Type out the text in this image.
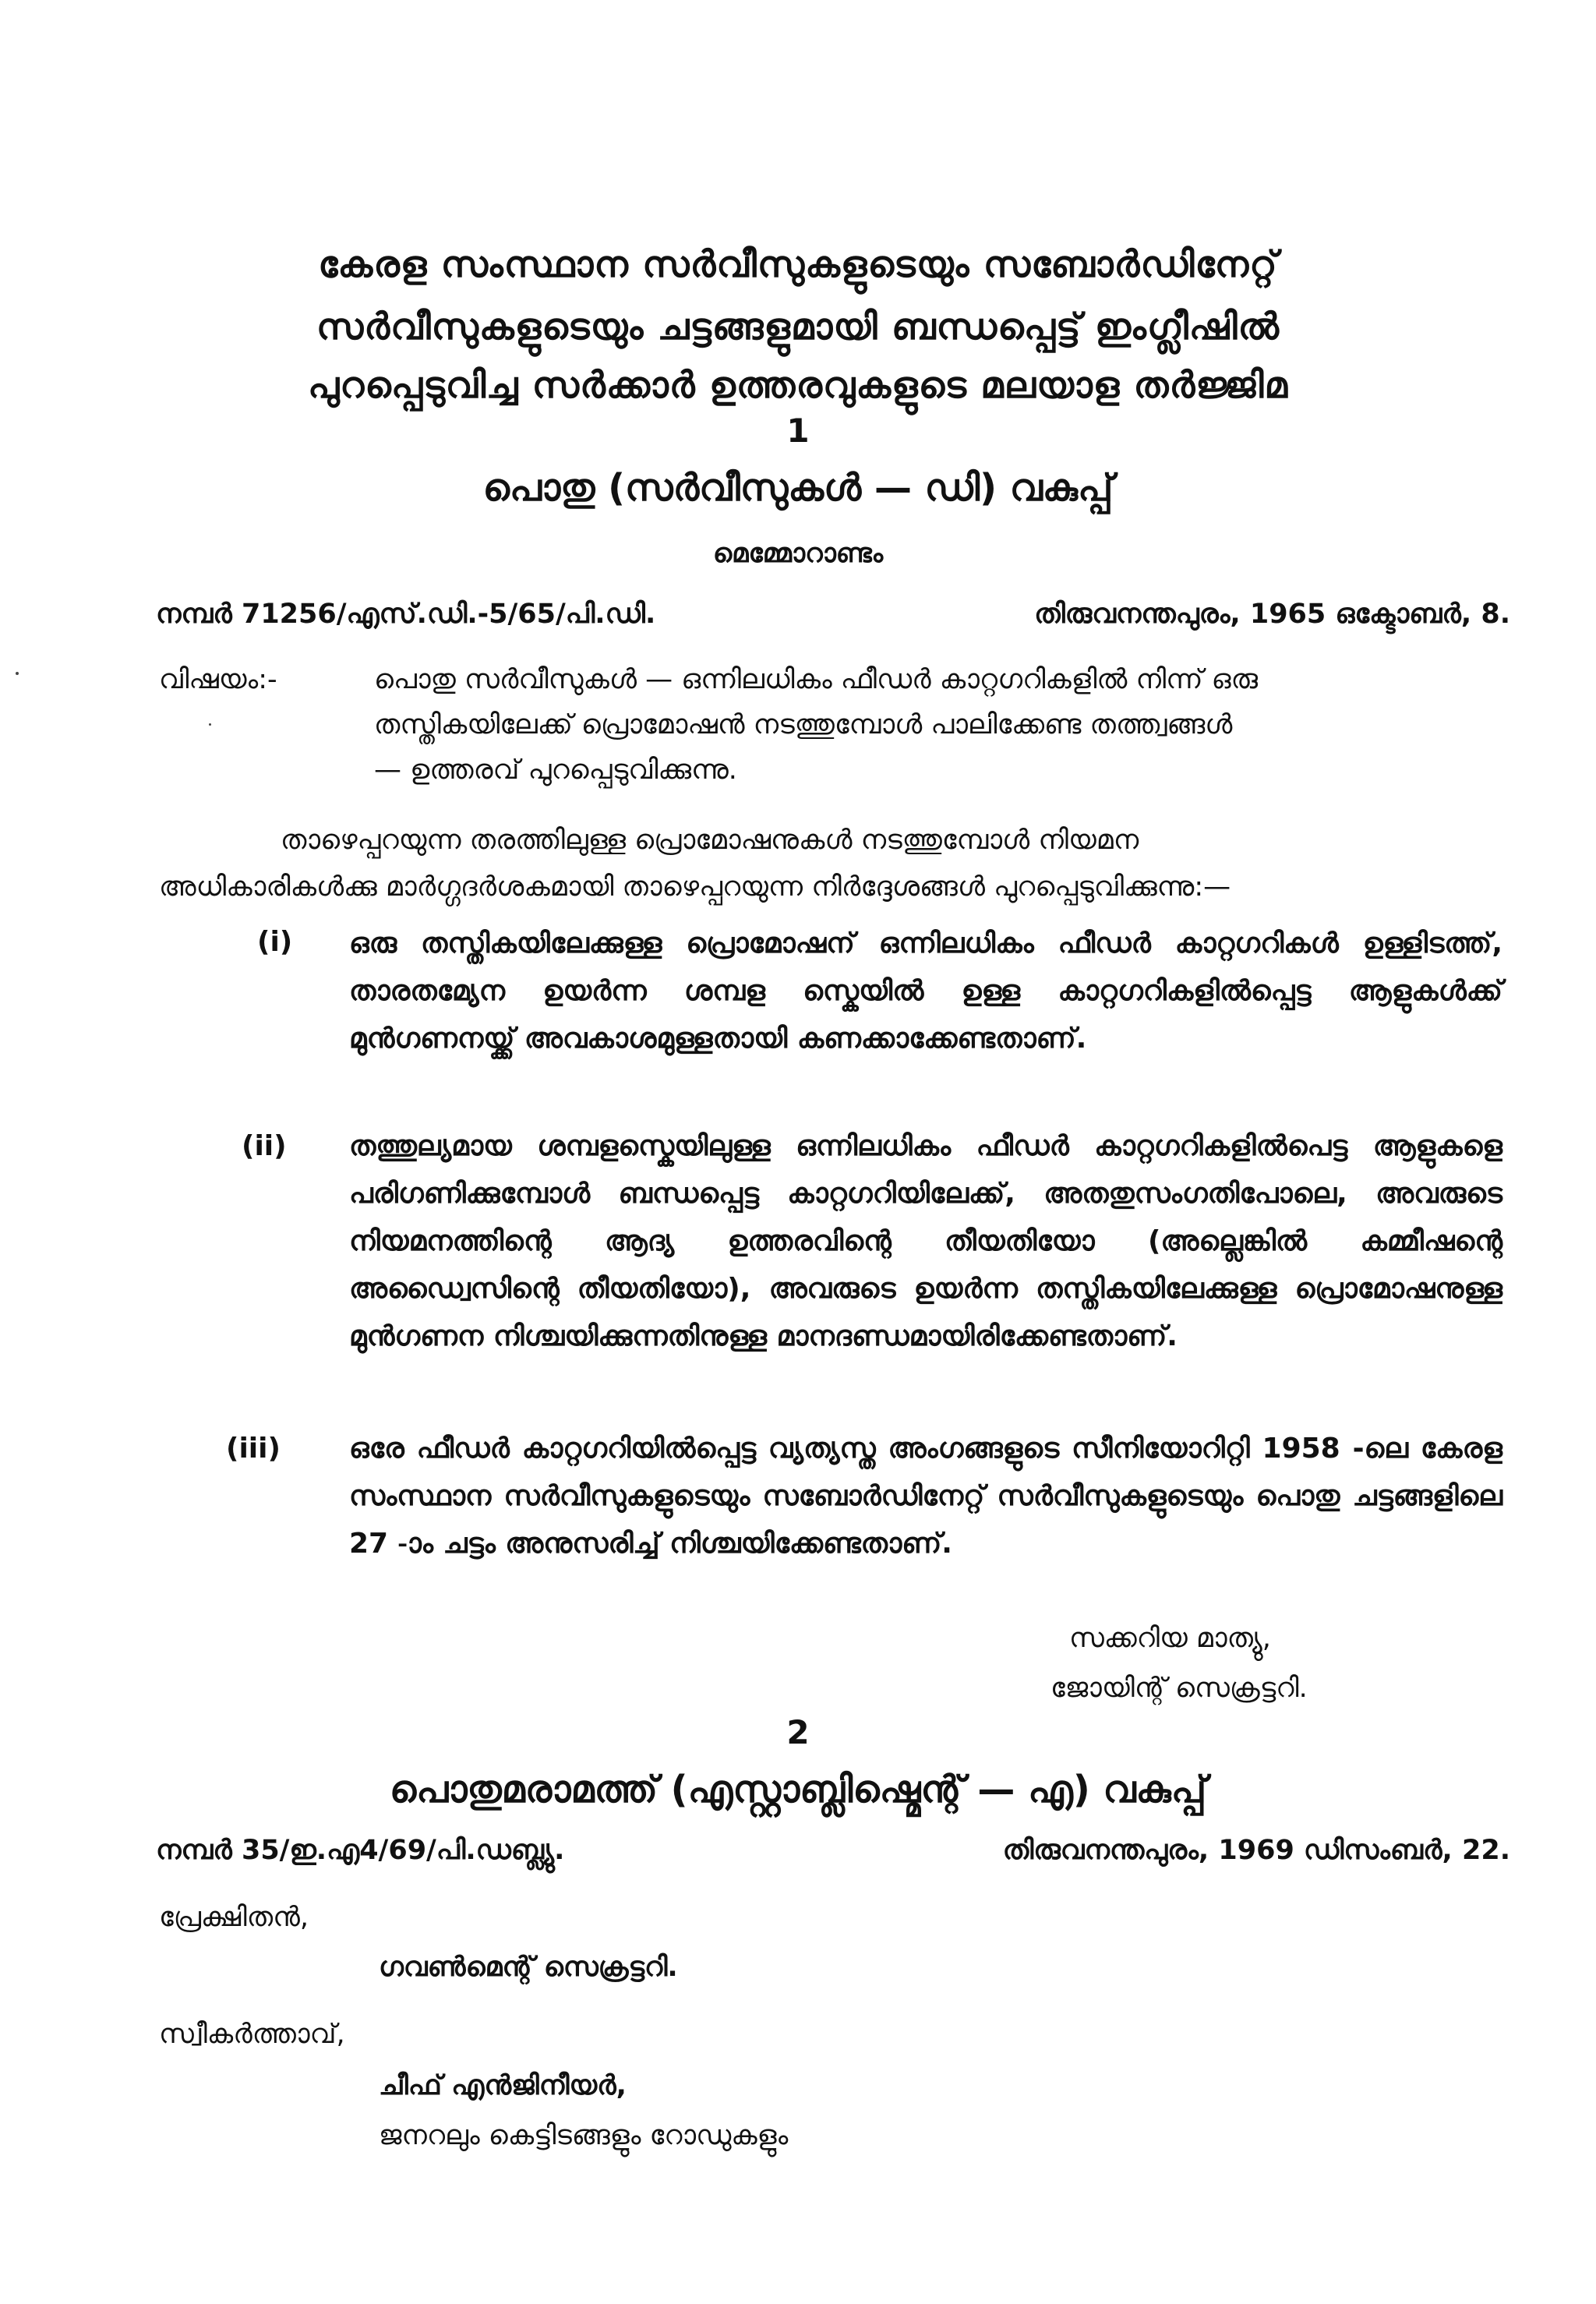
കേരള സംസ്ഥാന സർവീസുകളുടെയും സബോർഡിനേറ്റ്
സർവീസുകളുടെയും ചട്ടങ്ങളുമായി ബന്ധപ്പെട്ട് ഇംഗ്ലീഷിൽ
പുറപ്പെടുവിച്ച സർക്കാർ ഉത്തരവുകളുടെ മലയാള തർജ്ജിമ
1
പൊതു (സർവീസുകൾ — ഡി) വകുപ്പ്
മെമ്മോറാണ്ടം
നമ്പർ 71256/എസ്.ഡി.-5/65/പി.ഡി.	തിരുവനന്തപുരം, 1965 ഒക്ടോബർ, 8.
വിഷയം:-	പൊതു സർവീസുകൾ — ഒന്നിലധികം ഫീഡർ കാറ്റഗറികളിൽ നിന്ന് ഒരു
തസ്തികയിലേക്ക് പ്രൊമോഷൻ നടത്തുമ്പോൾ പാലിക്കേണ്ട തത്ത്വങ്ങൾ
— ഉത്തരവ് പുറപ്പെടുവിക്കുന്നു.
താഴെപ്പറയുന്ന തരത്തിലുള്ള പ്രൊമോഷനുകൾ നടത്തുമ്പോൾ നിയമന
അധികാരികൾക്കു മാർഗ്ഗദർശകമായി താഴെപ്പറയുന്ന നിർദ്ദേശങ്ങൾ പുറപ്പെടുവിക്കുന്നു:—
(i) ഒരു തസ്തികയിലേക്കുള്ള പ്രൊമോഷന് ഒന്നിലധികം ഫീഡർ കാറ്റഗറികൾ ഉള്ളിടത്ത്, താരതമ്യേന ഉയർന്ന ശമ്പള സ്കെയിൽ ഉള്ള കാറ്റഗറികളിൽപ്പെട്ട ആളുകൾക്ക് മുൻഗണനയ്ക്ക് അവകാശമുള്ളതായി കണക്കാക്കേണ്ടതാണ്.
(ii) തത്തുല്യമായ ശമ്പളസ്കെയിലുള്ള ഒന്നിലധികം ഫീഡർ കാറ്റഗറികളിൽപെട്ട ആളുകളെ പരിഗണിക്കുമ്പോൾ ബന്ധപ്പെട്ട കാറ്റഗറിയിലേക്ക്, അതതുസംഗതിപോലെ, അവരുടെ നിയമനത്തിന്റെ ആദ്യ ഉത്തരവിന്റെ തീയതിയോ (അല്ലെങ്കിൽ കമ്മീഷന്റെ അഡ്വൈസിന്റെ തീയതിയോ), അവരുടെ ഉയർന്ന തസ്തികയിലേക്കുള്ള പ്രൊമോഷനുള്ള മുൻഗണന നിശ്ചയിക്കുന്നതിനുള്ള മാനദണ്ഡമായിരിക്കേണ്ടതാണ്.
(iii) ഒരേ ഫീഡർ കാറ്റഗറിയിൽപ്പെട്ട വ്യത്യസ്ത അംഗങ്ങളുടെ സീനിയോറിറ്റി 1958 -ലെ കേരള സംസ്ഥാന സർവീസുകളുടെയും സബോർഡിനേറ്റ് സർവീസുകളുടെയും പൊതു ചട്ടങ്ങളിലെ 27 -ാം ചട്ടം അനുസരിച്ച് നിശ്ചയിക്കേണ്ടതാണ്.
സക്കറിയ മാത്യു,
ജോയിന്റ് സെക്രട്ടറി.
2
പൊതുമരാമത്ത് (എസ്റ്റാബ്ലിഷ്മെന്റ് — എ) വകുപ്പ്
നമ്പർ 35/ഇ.എ4/69/പി.ഡബ്ല്യു.	തിരുവനന്തപുരം, 1969 ഡിസംബർ, 22.
പ്രേക്ഷിതൻ,
ഗവൺമെന്റ് സെക്രട്ടറി.
സ്വീകർത്താവ്,
ചീഫ് എൻജിനീയർ,
ജനറലും കെട്ടിടങ്ങളും റോഡുകളും
